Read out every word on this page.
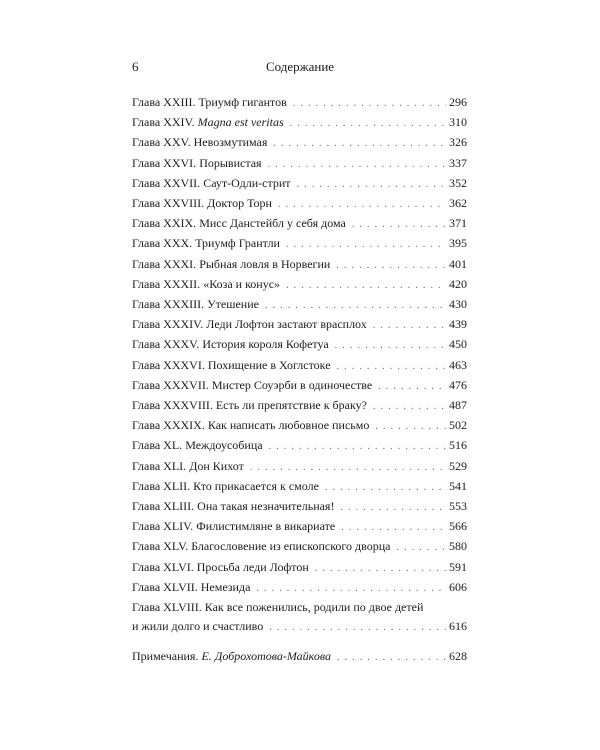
6	Содержание
Глава XXIII. Триумф гигантов . . .	296
Глава XXIV. Magna est veritas . . .	310
Глава XXV. Невозмутимая . . .	326
Глава XXVI. Порывистая . . .	337
Глава XXVII. Саут-Одли-стрит . . .	352
Глава XXVIII. Доктор Торн . . .	362
Глава XXIX. Мисс Данстейбл у себя дома . . .	371
Глава XXX. Триумф Грантли . . .	395
Глава XXXI. Рыбная ловля в Норвегии . . .	401
Глава XXXII. «Коза и конус» . . .	420
Глава XXXIII. Утешение . . .	430
Глава XXXIV. Леди Лофтон застают врасплох . . .	439
Глава XXXV. История короля Кофетуа . . .	450
Глава XXXVI. Похищение в Хоглстоке . . .	463
Глава XXXVII. Мистер Соуэрби в одиночестве . . .	476
Глава XXXVIII. Есть ли препятствие к браку? . . .	487
Глава XXXIX. Как написать любовное письмо . . .	502
Глава XL. Междоусобица . . .	516
Глава XLI. Дон Кихот . . .	529
Глава XLII. Кто прикасается к смоле . . .	541
Глава XLIII. Она такая незначительная! . . .	553
Глава XLIV. Филистимляне в викариате . . .	566
Глава XLV. Благословение из епископского дворца . . .	580
Глава XLVI. Просьба леди Лофтон . . .	591
Глава XLVII. Немезида . . .	606
Глава XLVIII. Как все поженились, родили по двое детей
и жили долго и счастливо . . .	616
Примечания. Е. Доброхотова-Майкова . . .	628
